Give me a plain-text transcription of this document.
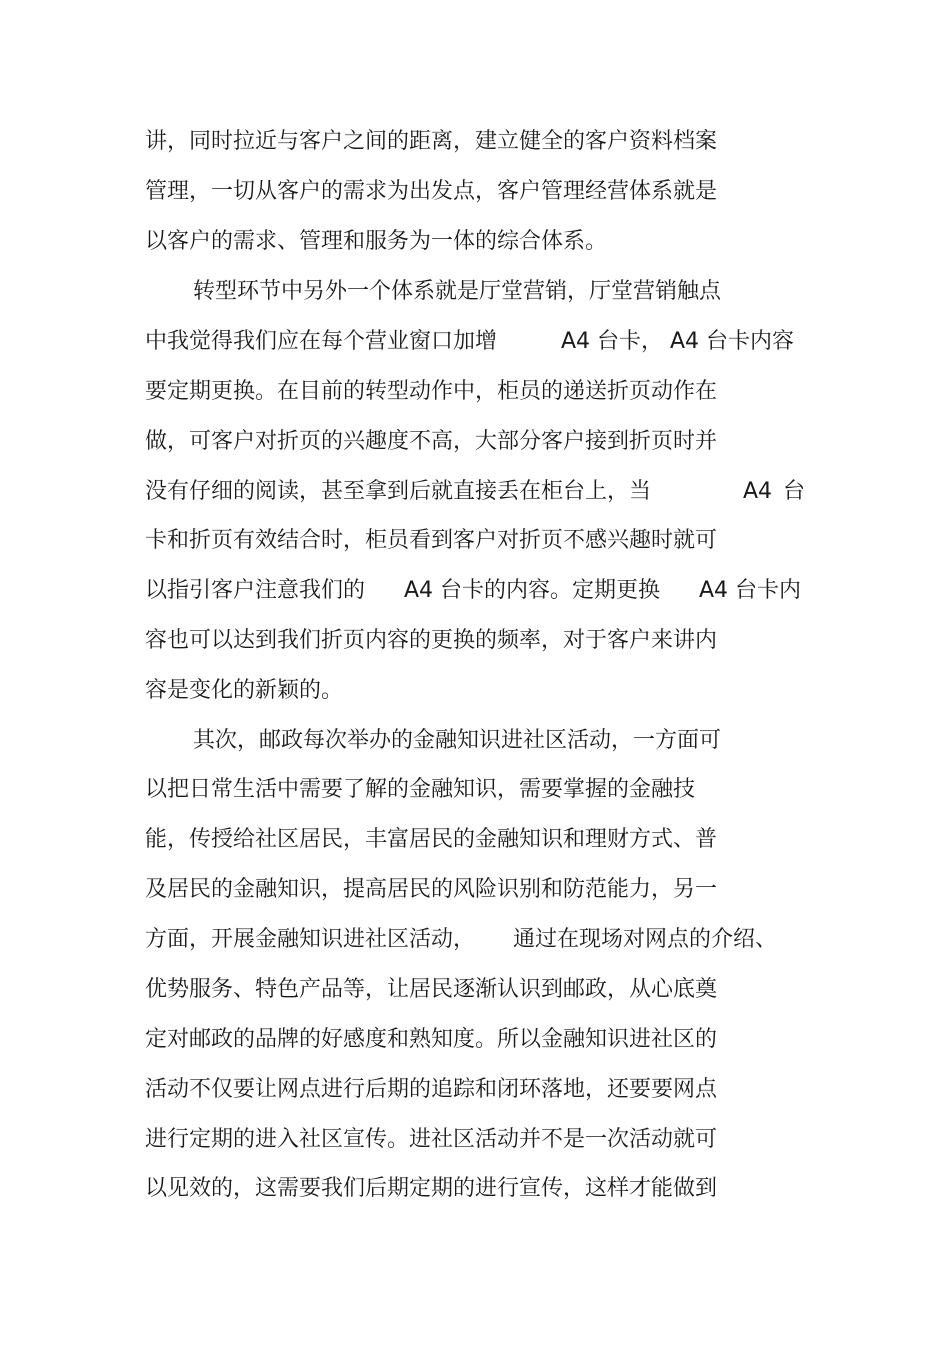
讲，同时拉近与客户之间的距离，建立健全的客户资料档案

管理，一切从客户的需求为出发点，客户管理经营体系就是

以客户的需求、管理和服务为一体的综合体系。

转型环节中另外一个体系就是厅堂营销，厅堂营销触点

中我觉得我们应在每个营业窗口加增

	A4 台卡，

A4 台卡内容

要定期更换。在目前的转型动作中，柜员的递送折页动作在

做，可客户对折页的兴趣度不高，大部分客户接到折页时并

没有仔细的阅读，甚至拿到后就直接丢在柜台上，当

	A4

台

卡和折页有效结合时，柜员看到客户对折页不感兴趣时就可

以指引客户注意我们的

A4 台卡的内容。定期更换

A4 台卡内

容也可以达到我们折页内容的更换的频率，对于客户来讲内

容是变化的新颖的。

其次，邮政每次举办的金融知识进社区活动，一方面可

以把日常生活中需要了解的金融知识，需要掌握的金融技

能，传授给社区居民，丰富居民的金融知识和理财方式、普

及居民的金融知识，提高居民的风险识别和防范能力，另一

方面，开展金融知识进社区活动，

通过在现场对网点的介绍、

优势服务、特色产品等，让居民逐渐认识到邮政，从心底奠

定对邮政的品牌的好感度和熟知度。所以金融知识进社区的

活动不仅要让网点进行后期的追踪和闭环落地，还要要网点

进行定期的进入社区宣传。进社区活动并不是一次活动就可

以见效的，这需要我们后期定期的进行宣传，这样才能做到
